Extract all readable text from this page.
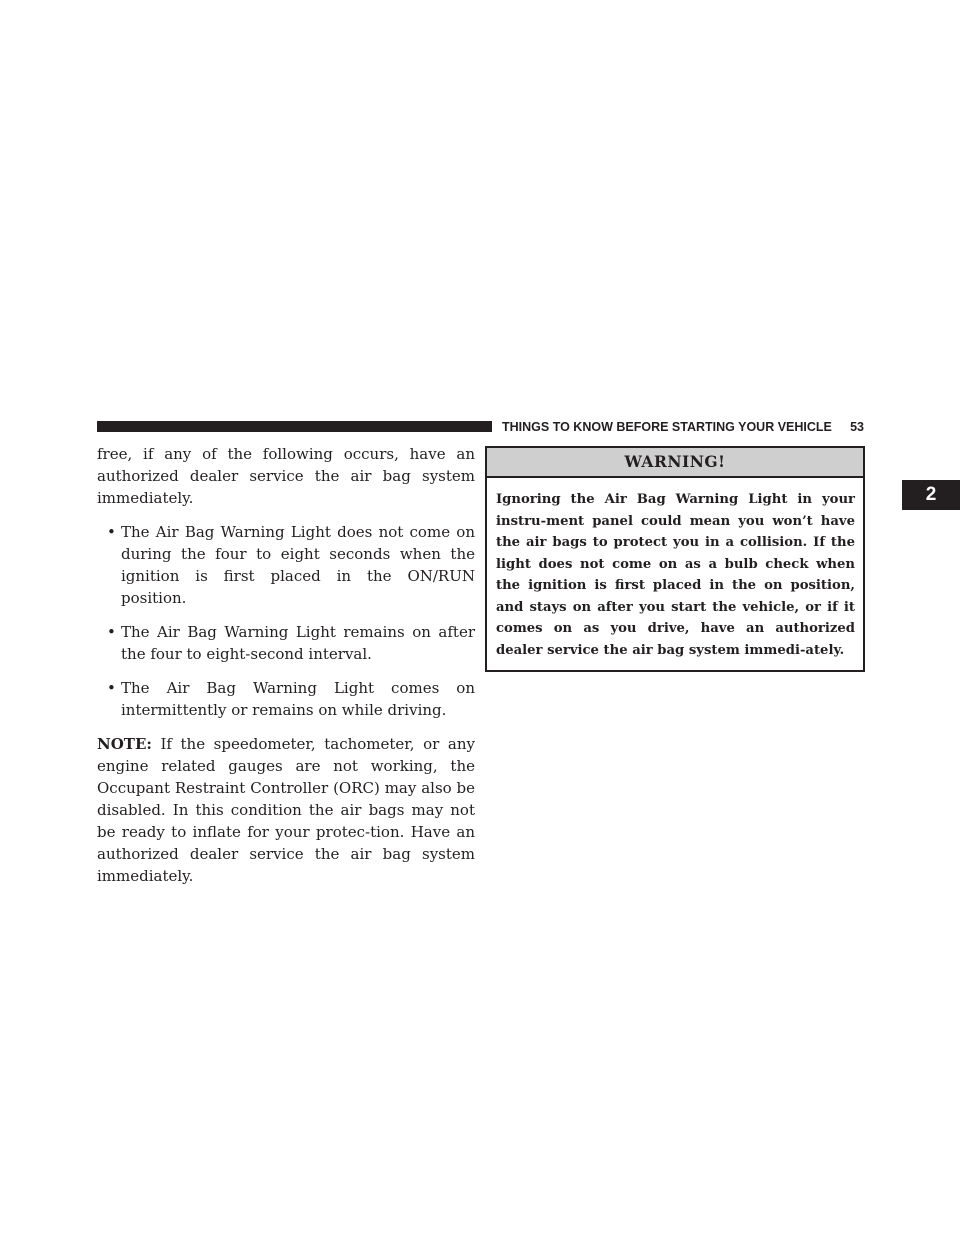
THINGS TO KNOW BEFORE STARTING YOUR VEHICLE 53
2

free, if any of the following occurs, have an authorized dealer service the air bag system immediately.

• The Air Bag Warning Light does not come on during the four to eight seconds when the ignition is first placed in the ON/RUN position.
• The Air Bag Warning Light remains on after the four to eight-second interval.
• The Air Bag Warning Light comes on intermittently or remains on while driving.

NOTE: If the speedometer, tachometer, or any engine related gauges are not working, the Occupant Restraint Controller (ORC) may also be disabled. In this condition the air bags may not be ready to inflate for your protec-tion. Have an authorized dealer service the air bag system immediately.

WARNING!
Ignoring the Air Bag Warning Light in your instru-ment panel could mean you won’t have the air bags to protect you in a collision. If the light does not come on as a bulb check when the ignition is first placed in the on position, and stays on after you start the vehicle, or if it comes on as you drive, have an authorized dealer service the air bag system immedi-ately.
